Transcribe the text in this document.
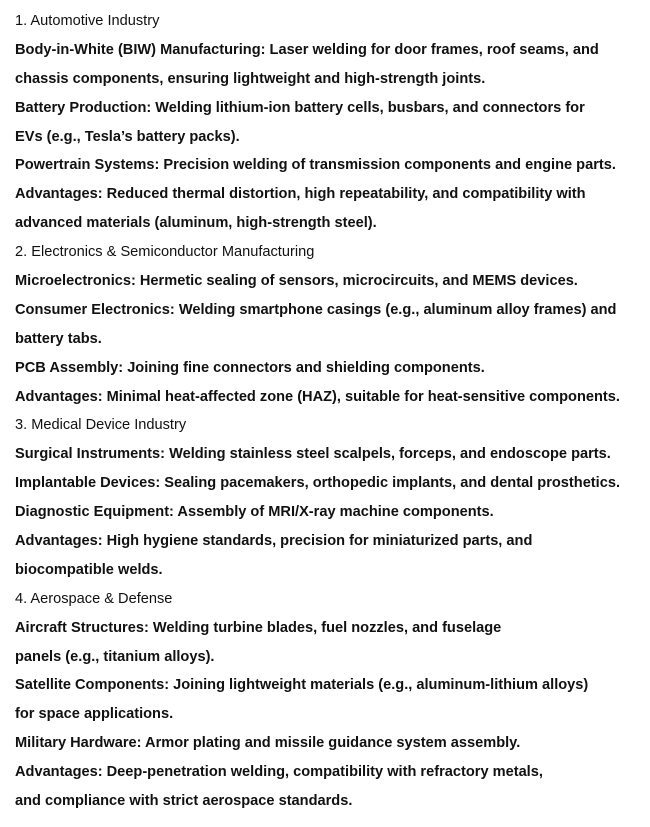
1. Automotive Industry
Body-in-White (BIW) Manufacturing: Laser welding for door frames, roof seams, and
chassis components, ensuring lightweight and high-strength joints.
Battery Production: Welding lithium-ion battery cells, busbars, and connectors for
EVs (e.g., Tesla’s battery packs).
Powertrain Systems: Precision welding of transmission components and engine parts.
Advantages: Reduced thermal distortion, high repeatability, and compatibility with
advanced materials (aluminum, high-strength steel).
2. Electronics & Semiconductor Manufacturing
Microelectronics: Hermetic sealing of sensors, microcircuits, and MEMS devices.
Consumer Electronics: Welding smartphone casings (e.g., aluminum alloy frames) and
battery tabs.
PCB Assembly: Joining fine connectors and shielding components.
Advantages: Minimal heat-affected zone (HAZ), suitable for heat-sensitive components.
3. Medical Device Industry
Surgical Instruments: Welding stainless steel scalpels, forceps, and endoscope parts.
Implantable Devices: Sealing pacemakers, orthopedic implants, and dental prosthetics.
Diagnostic Equipment: Assembly of MRI/X-ray machine components.
Advantages: High hygiene standards, precision for miniaturized parts, and
biocompatible welds.
4. Aerospace & Defense
Aircraft Structures: Welding turbine blades, fuel nozzles, and fuselage
panels (e.g., titanium alloys).
Satellite Components: Joining lightweight materials (e.g., aluminum-lithium alloys)
for space applications.
Military Hardware: Armor plating and missile guidance system assembly.
Advantages: Deep-penetration welding, compatibility with refractory metals,
and compliance with strict aerospace standards.
